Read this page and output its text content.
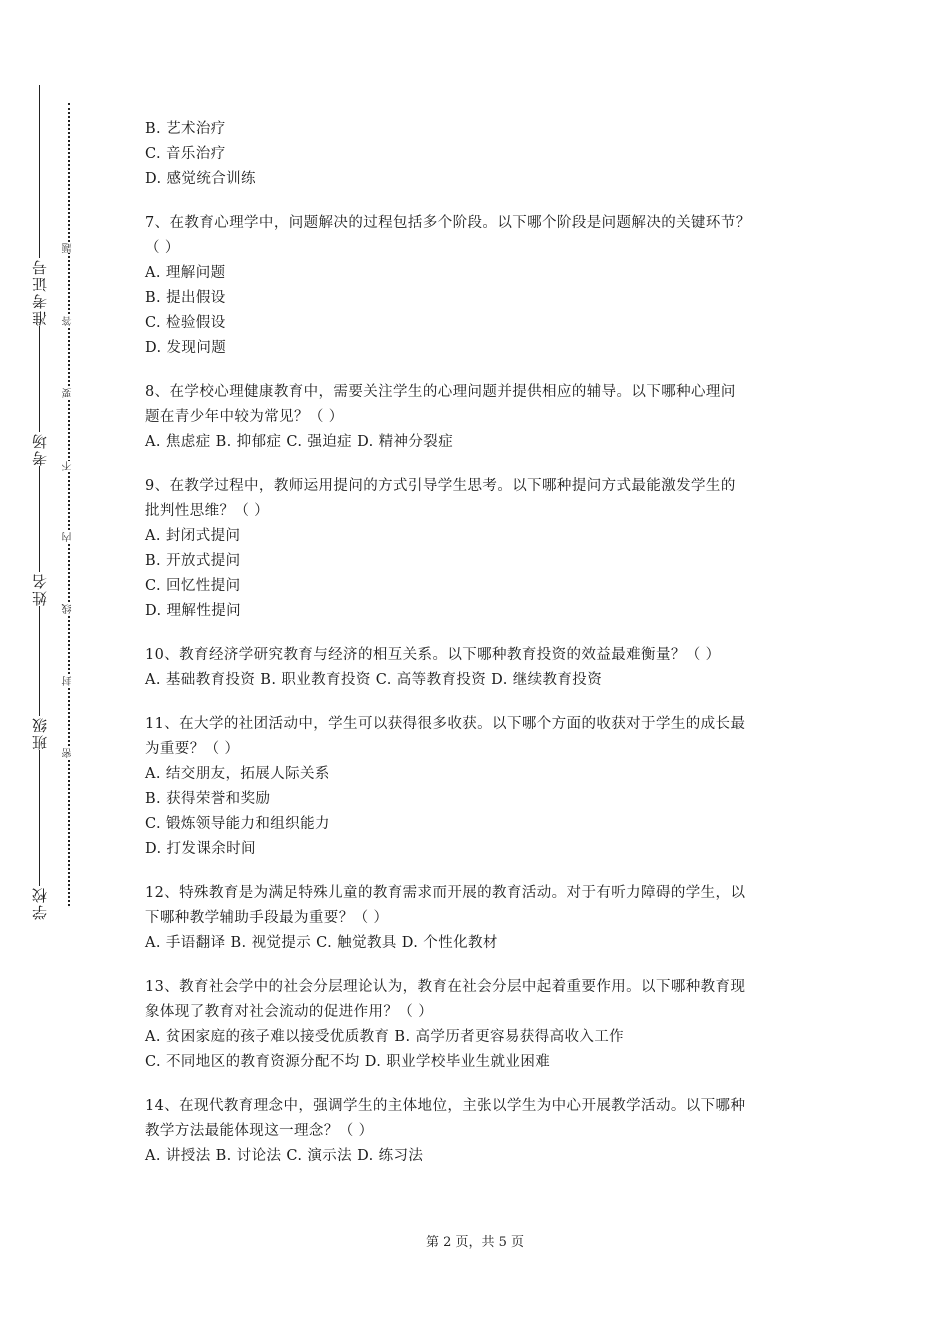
准考证号
考场
姓名
班级
学校
题
答
要
不
内
线
封
密
B. 艺术治疗
C. 音乐治疗
D. 感觉统合训练
7、在教育心理学中，问题解决的过程包括多个阶段。以下哪个阶段是问题解决的关键环节？
（ ）
A. 理解问题
B. 提出假设
C. 检验假设
D. 发现问题
8、在学校心理健康教育中，需要关注学生的心理问题并提供相应的辅导。以下哪种心理问
题在青少年中较为常见？（ ）
A. 焦虑症 B. 抑郁症 C. 强迫症 D. 精神分裂症
9、在教学过程中，教师运用提问的方式引导学生思考。以下哪种提问方式最能激发学生的
批判性思维？（ ）
A. 封闭式提问
B. 开放式提问
C. 回忆性提问
D. 理解性提问
10、教育经济学研究教育与经济的相互关系。以下哪种教育投资的效益最难衡量？（ ）
A. 基础教育投资 B. 职业教育投资 C. 高等教育投资 D. 继续教育投资
11、在大学的社团活动中，学生可以获得很多收获。以下哪个方面的收获对于学生的成长最
为重要？（ ）
A. 结交朋友，拓展人际关系
B. 获得荣誉和奖励
C. 锻炼领导能力和组织能力
D. 打发课余时间
12、特殊教育是为满足特殊儿童的教育需求而开展的教育活动。对于有听力障碍的学生，以
下哪种教学辅助手段最为重要？（ ）
A. 手语翻译 B. 视觉提示 C. 触觉教具 D. 个性化教材
13、教育社会学中的社会分层理论认为，教育在社会分层中起着重要作用。以下哪种教育现
象体现了教育对社会流动的促进作用？（ ）
A. 贫困家庭的孩子难以接受优质教育 B. 高学历者更容易获得高收入工作
C. 不同地区的教育资源分配不均 D. 职业学校毕业生就业困难
14、在现代教育理念中，强调学生的主体地位，主张以学生为中心开展教学活动。以下哪种
教学方法最能体现这一理念？（ ）
A. 讲授法 B. 讨论法 C. 演示法 D. 练习法
第 2 页，共 5 页
